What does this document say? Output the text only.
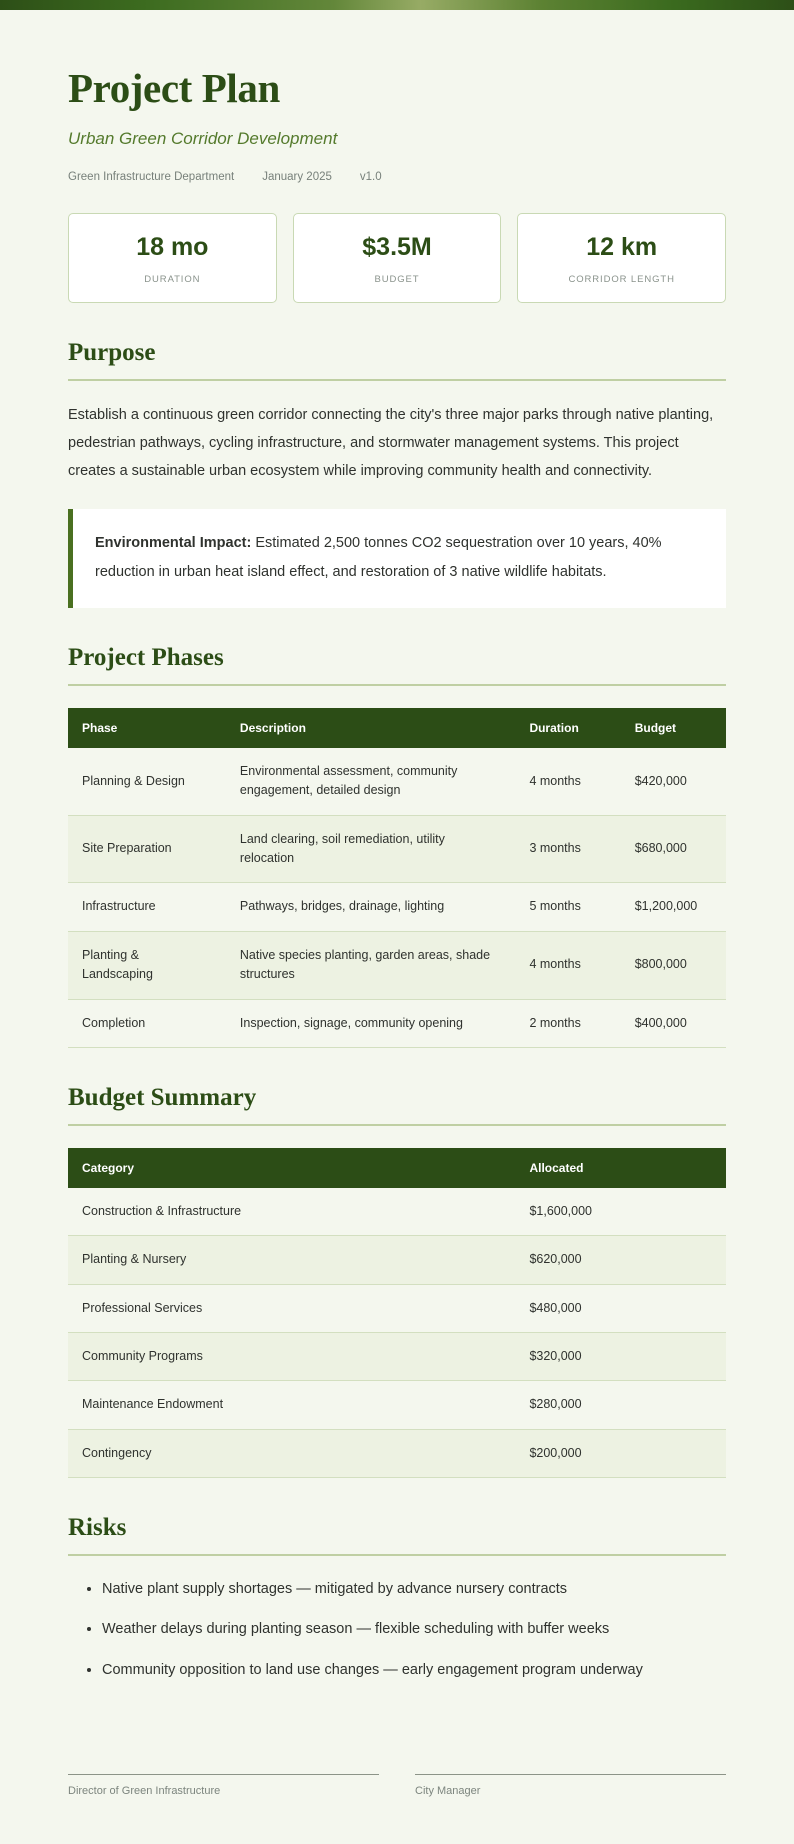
Project Plan
Urban Green Corridor Development
Green Infrastructure Department January 2025 v1.0
18 mo
DURATION
$3.5M
BUDGET
12 km
CORRIDOR LENGTH
Purpose

Establish a continuous green corridor connecting the city's three major parks through native planting, pedestrian pathways, cycling infrastructure, and stormwater management systems. This project creates a sustainable urban ecosystem while improving community health and connectivity.

Environmental Impact: Estimated 2,500 tonnes CO2 sequestration over 10 years, 40% reduction in urban heat island effect, and restoration of 3 native wildlife habitats.
Project Phases
Phase	Description	Duration	Budget
Planning & Design	Environmental assessment, community engagement, detailed design	4 months	$420,000
Site Preparation	Land clearing, soil remediation, utility relocation	3 months	$680,000
Infrastructure	Pathways, bridges, drainage, lighting	5 months	$1,200,000
Planting & Landscaping	Native species planting, garden areas, shade structures	4 months	$800,000
Completion	Inspection, signage, community opening	2 months	$400,000
Budget Summary
Category	Allocated
Construction & Infrastructure	$1,600,000
Planting & Nursery	$620,000
Professional Services	$480,000
Community Programs	$320,000
Maintenance Endowment	$280,000
Contingency	$200,000
Risks
• Native plant supply shortages — mitigated by advance nursery contracts
• Weather delays during planting season — flexible scheduling with buffer weeks
• Community opposition to land use changes — early engagement program underway
Director of Green Infrastructure	City Manager
